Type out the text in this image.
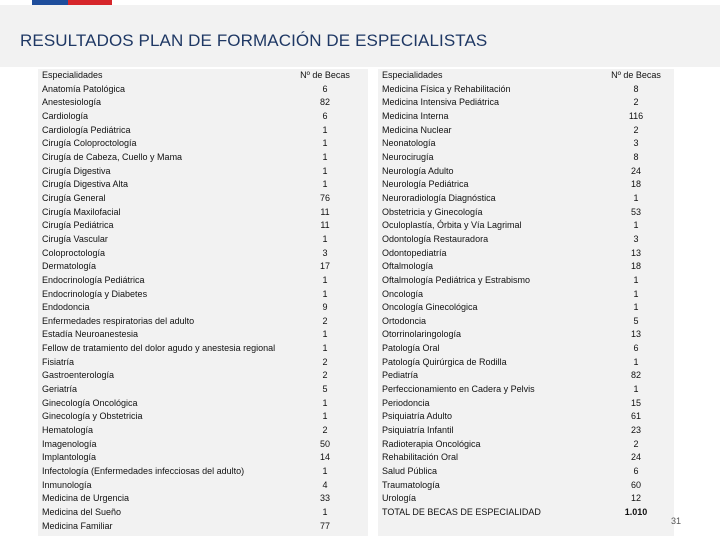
RESULTADOS PLAN DE FORMACIÓN DE ESPECIALISTAS
Especialidades	Nº de Becas
Anatomía Patológica	6
Anestesiología	82
Cardiología	6
Cardiología Pediátrica	1
Cirugía Coloproctología	1
Cirugía de Cabeza, Cuello y Mama	1
Cirugía Digestiva	1
Cirugía Digestiva Alta	1
Cirugía General	76
Cirugía Maxilofacial	11
Cirugía Pediátrica	11
Cirugía Vascular	1
Coloproctología	3
Dermatología	17
Endocrinología Pediátrica	1
Endocrinología y Diabetes	1
Endodoncia	9
Enfermedades respiratorias del adulto	2
Estadía Neuroanestesia	1
Fellow de tratamiento del dolor agudo y anestesia regional	1
Fisiatría	2
Gastroenterología	2
Geriatría	5
Ginecología Oncológica	1
Ginecología y Obstetricia	1
Hematología	2
Imagenología	50
Implantología	14
Infectología (Enfermedades infecciosas del adulto)	1
Inmunología	4
Medicina de Urgencia	33
Medicina del Sueño	1
Medicina Familiar	77
Especialidades	Nº de Becas
Medicina Física y Rehabilitación	8
Medicina Intensiva Pediátrica	2
Medicina Interna	116
Medicina Nuclear	2
Neonatología	3
Neurocirugía	8
Neurología Adulto	24
Neurología Pediátrica	18
Neuroradiología Diagnóstica	1
Obstetricia y Ginecología	53
Oculoplastía, Órbita y Vía Lagrimal	1
Odontología Restauradora	3
Odontopediatría	13
Oftalmología	18
Oftalmología Pediátrica y Estrabismo	1
Oncología	1
Oncología Ginecológica	1
Ortodoncia	5
Otorrinolaringología	13
Patología Oral	6
Patología Quirúrgica de Rodilla	1
Pediatría	82
Perfeccionamiento en Cadera y Pelvis	1
Periodoncia	15
Psiquiatría Adulto	61
Psiquiatría Infantil	23
Radioterapia Oncológica	2
Rehabilitación Oral	24
Salud Pública	6
Traumatología	60
Urología	12
TOTAL DE BECAS DE ESPECIALIDAD	1.010
31
